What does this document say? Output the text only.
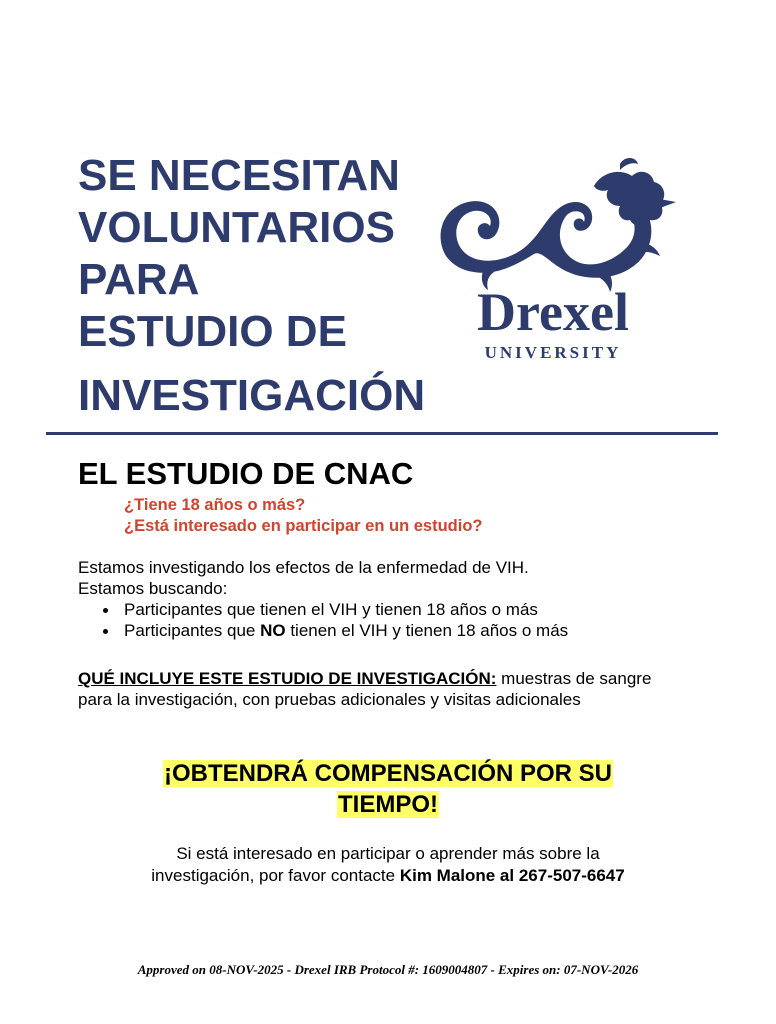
SE NECESITAN
VOLUNTARIOS
PARA
ESTUDIO DE
INVESTIGACIÓN
Drexel
UNIVERSITY
EL ESTUDIO DE CNAC
¿Tiene 18 años o más?
¿Está interesado en participar en un estudio?
Estamos investigando los efectos de la enfermedad de VIH.
Estamos buscando:
Participantes que tienen el VIH y tienen 18 años o más
Participantes que NO tienen el VIH y tienen 18 años o más
QUÉ INCLUYE ESTE ESTUDIO DE INVESTIGACIÓN: muestras de sangre para la investigación, con pruebas adicionales y visitas adicionales
¡OBTENDRÁ COMPENSACIÓN POR SU
TIEMPO!
Si está interesado en participar o aprender más sobre la
investigación, por favor contacte Kim Malone al 267-507-6647
Approved on 08-NOV-2025 - Drexel IRB Protocol #: 1609004807 - Expires on: 07-NOV-2026
